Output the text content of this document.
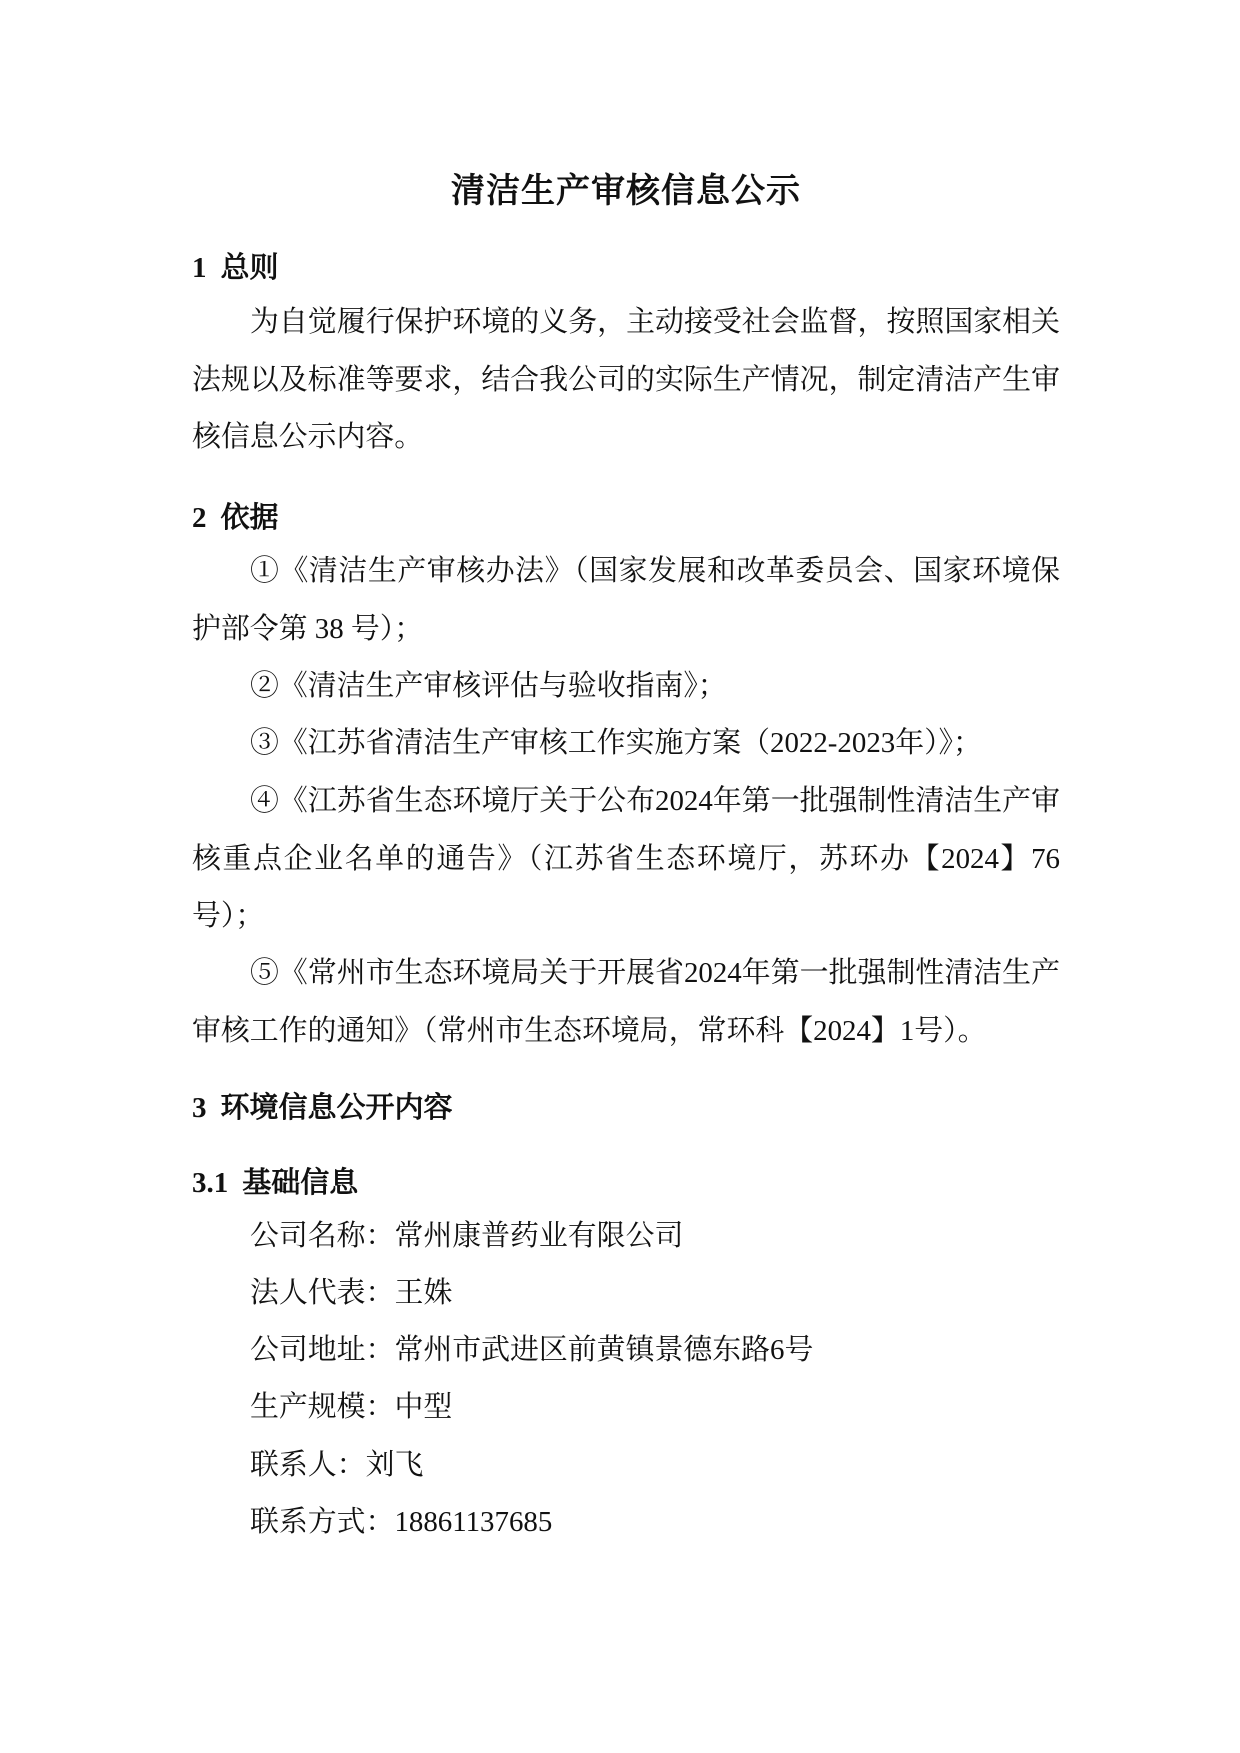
清洁生产审核信息公示
1 总则
为自觉履行保护环境的义务，主动接受社会监督，按照国家相关法规以及标准等要求，结合我公司的实际生产情况，制定清洁产生审核信息公示内容。
2 依据
①《清洁生产审核办法》（国家发展和改革委员会、国家环境保护部令第 38 号）；
②《清洁生产审核评估与验收指南》；
③《江苏省清洁生产审核工作实施方案（2022-2023年）》；
④《江苏省生态环境厅关于公布2024年第一批强制性清洁生产审核重点企业名单的通告》（江苏省生态环境厅，苏环办【2024】76号）；
⑤《常州市生态环境局关于开展省2024年第一批强制性清洁生产审核工作的通知》（常州市生态环境局，常环科【2024】1号）。
3 环境信息公开内容
3.1 基础信息
公司名称：常州康普药业有限公司
法人代表：王姝
公司地址：常州市武进区前黄镇景德东路6号
生产规模：中型
联系人：刘飞
联系方式：18861137685
